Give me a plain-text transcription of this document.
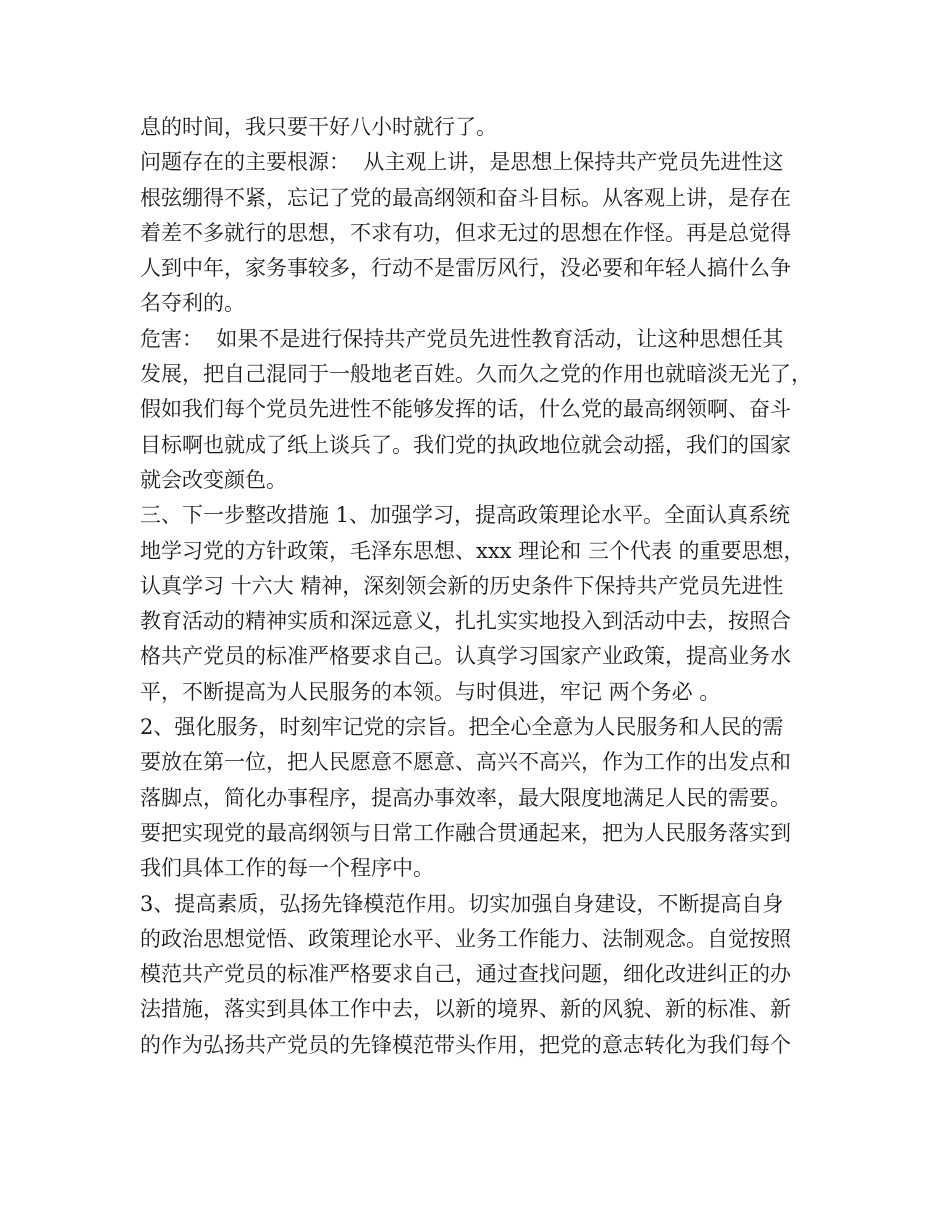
息的时间，我只要干好八小时就行了。
问题存在的主要根源：  从主观上讲，是思想上保持共产党员先进性这
根弦绷得不紧，忘记了党的最高纲领和奋斗目标。从客观上讲，是存在
着差不多就行的思想，不求有功，但求无过的思想在作怪。再是总觉得
人到中年，家务事较多，行动不是雷厉风行，没必要和年轻人搞什么争
名夺利的。
危害：  如果不是进行保持共产党员先进性教育活动，让这种思想任其
发展，把自己混同于一般地老百姓。久而久之党的作用也就暗淡无光了，
假如我们每个党员先进性不能够发挥的话，什么党的最高纲领啊、奋斗
目标啊也就成了纸上谈兵了。我们党的执政地位就会动摇，我们的国家
就会改变颜色。
三、下一步整改措施 1、加强学习，提高政策理论水平。全面认真系统
地学习党的方针政策，毛泽东思想、xxx 理论和 三个代表 的重要思想，
认真学习 十六大 精神，深刻领会新的历史条件下保持共产党员先进性
教育活动的精神实质和深远意义，扎扎实实地投入到活动中去，按照合
格共产党员的标准严格要求自己。认真学习国家产业政策，提高业务水
平，不断提高为人民服务的本领。与时俱进，牢记 两个务必 。
2、强化服务，时刻牢记党的宗旨。把全心全意为人民服务和人民的需
要放在第一位，把人民愿意不愿意、高兴不高兴，作为工作的出发点和
落脚点，简化办事程序，提高办事效率，最大限度地满足人民的需要。
要把实现党的最高纲领与日常工作融合贯通起来，把为人民服务落实到
我们具体工作的每一个程序中。
3、提高素质，弘扬先锋模范作用。切实加强自身建设，不断提高自身
的政治思想觉悟、政策理论水平、业务工作能力、法制观念。自觉按照
模范共产党员的标准严格要求自己，通过查找问题，细化改进纠正的办
法措施，落实到具体工作中去，以新的境界、新的风貌、新的标准、新
的作为弘扬共产党员的先锋模范带头作用，把党的意志转化为我们每个
